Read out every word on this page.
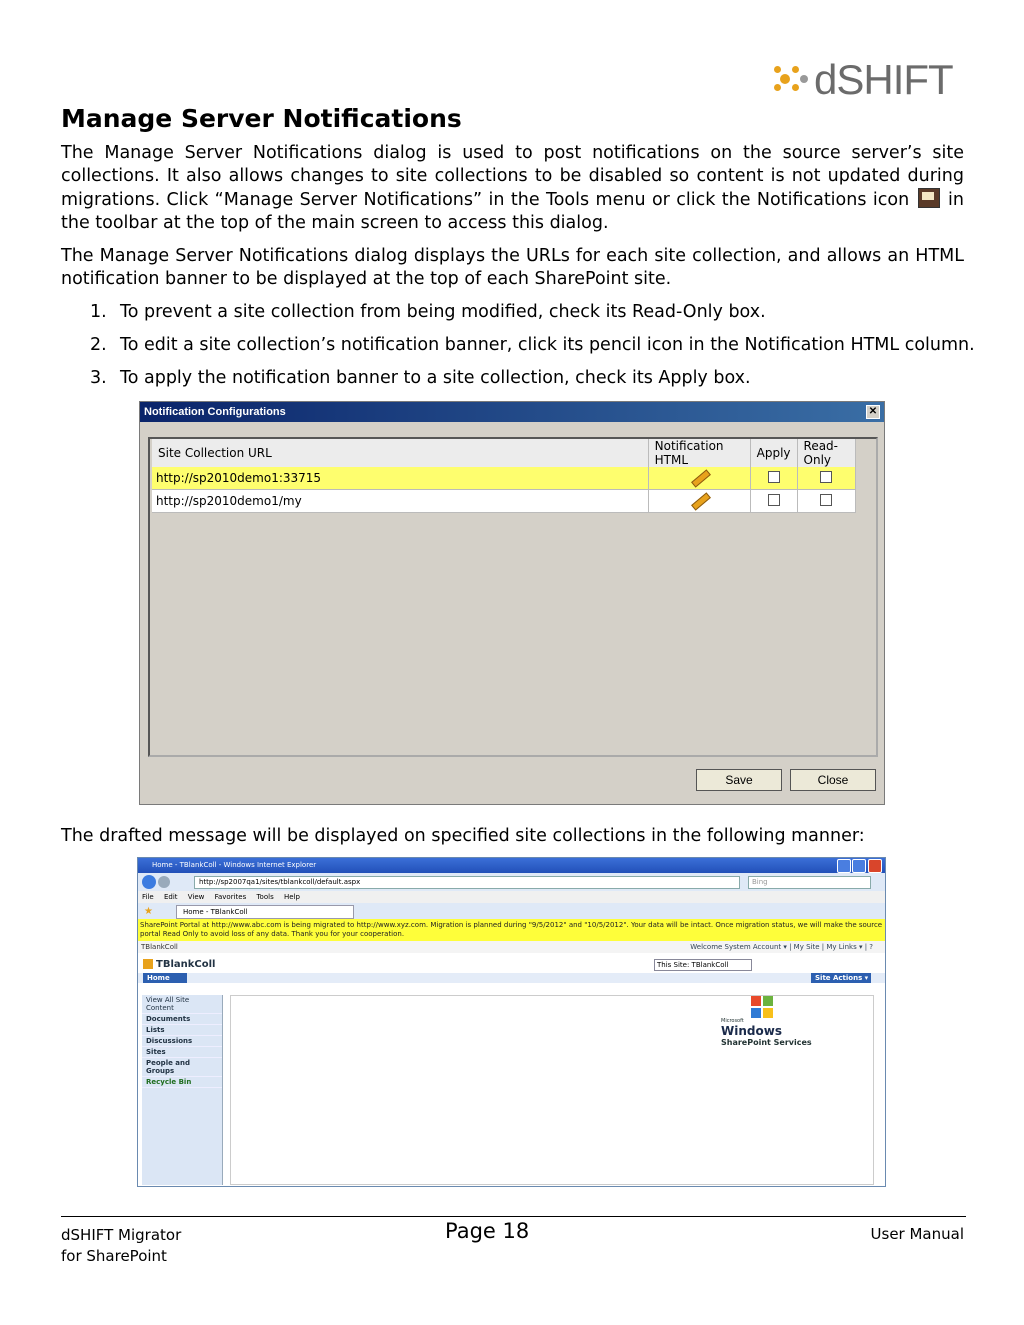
dSHIFT
Manage Server Notifications
The Manage Server Notifications dialog is used to post notifications on the source server’s site collections. It also allows changes to site collections to be disabled so content is not updated during migrations. Click “Manage Server Notifications” in the Tools menu or click the Notifications icon in the toolbar at the top of the main screen to access this dialog.
The Manage Server Notifications dialog displays the URLs for each site collection, and allows an HTML notification banner to be displayed at the top of each SharePoint site.
1. To prevent a site collection from being modified, check its Read-Only box.
2. To edit a site collection’s notification banner, click its pencil icon in the Notification HTML column.
3. To apply the notification banner to a site collection, check its Apply box.
Notification Configurations	✕
Site Collection URL	Notification HTML	Apply	Read-Only
http://sp2010demo1:33715			
http://sp2010demo1/my			
Save	Close
The drafted message will be displayed on specified site collections in the following manner:
Home - TBlankColl - Windows Internet Explorer
http://sp2007qa1/sites/tblankcoll/default.aspx	Bing
File Edit View Favorites Tools Help
★	Home - TBlankColl
SharePoint Portal at http://www.abc.com is being migrated to http://www.xyz.com. Migration is planned during "9/5/2012" and "10/5/2012". Your data will be intact. Once migration status, we will make the source portal Read Only to avoid loss of any data. Thank you for your cooperation.
TBlankColl	Welcome System Account ▾ | My Site | My Links ▾ | ?
TBlankColl	This Site: TBlankColl
Home	Site Actions ▾
View All Site Content
Documents
Lists
Discussions
Sites
People and Groups
Recycle Bin
Microsoft
Windows
SharePoint Services
dSHIFT Migrator
for SharePoint
Page 18	User Manual
